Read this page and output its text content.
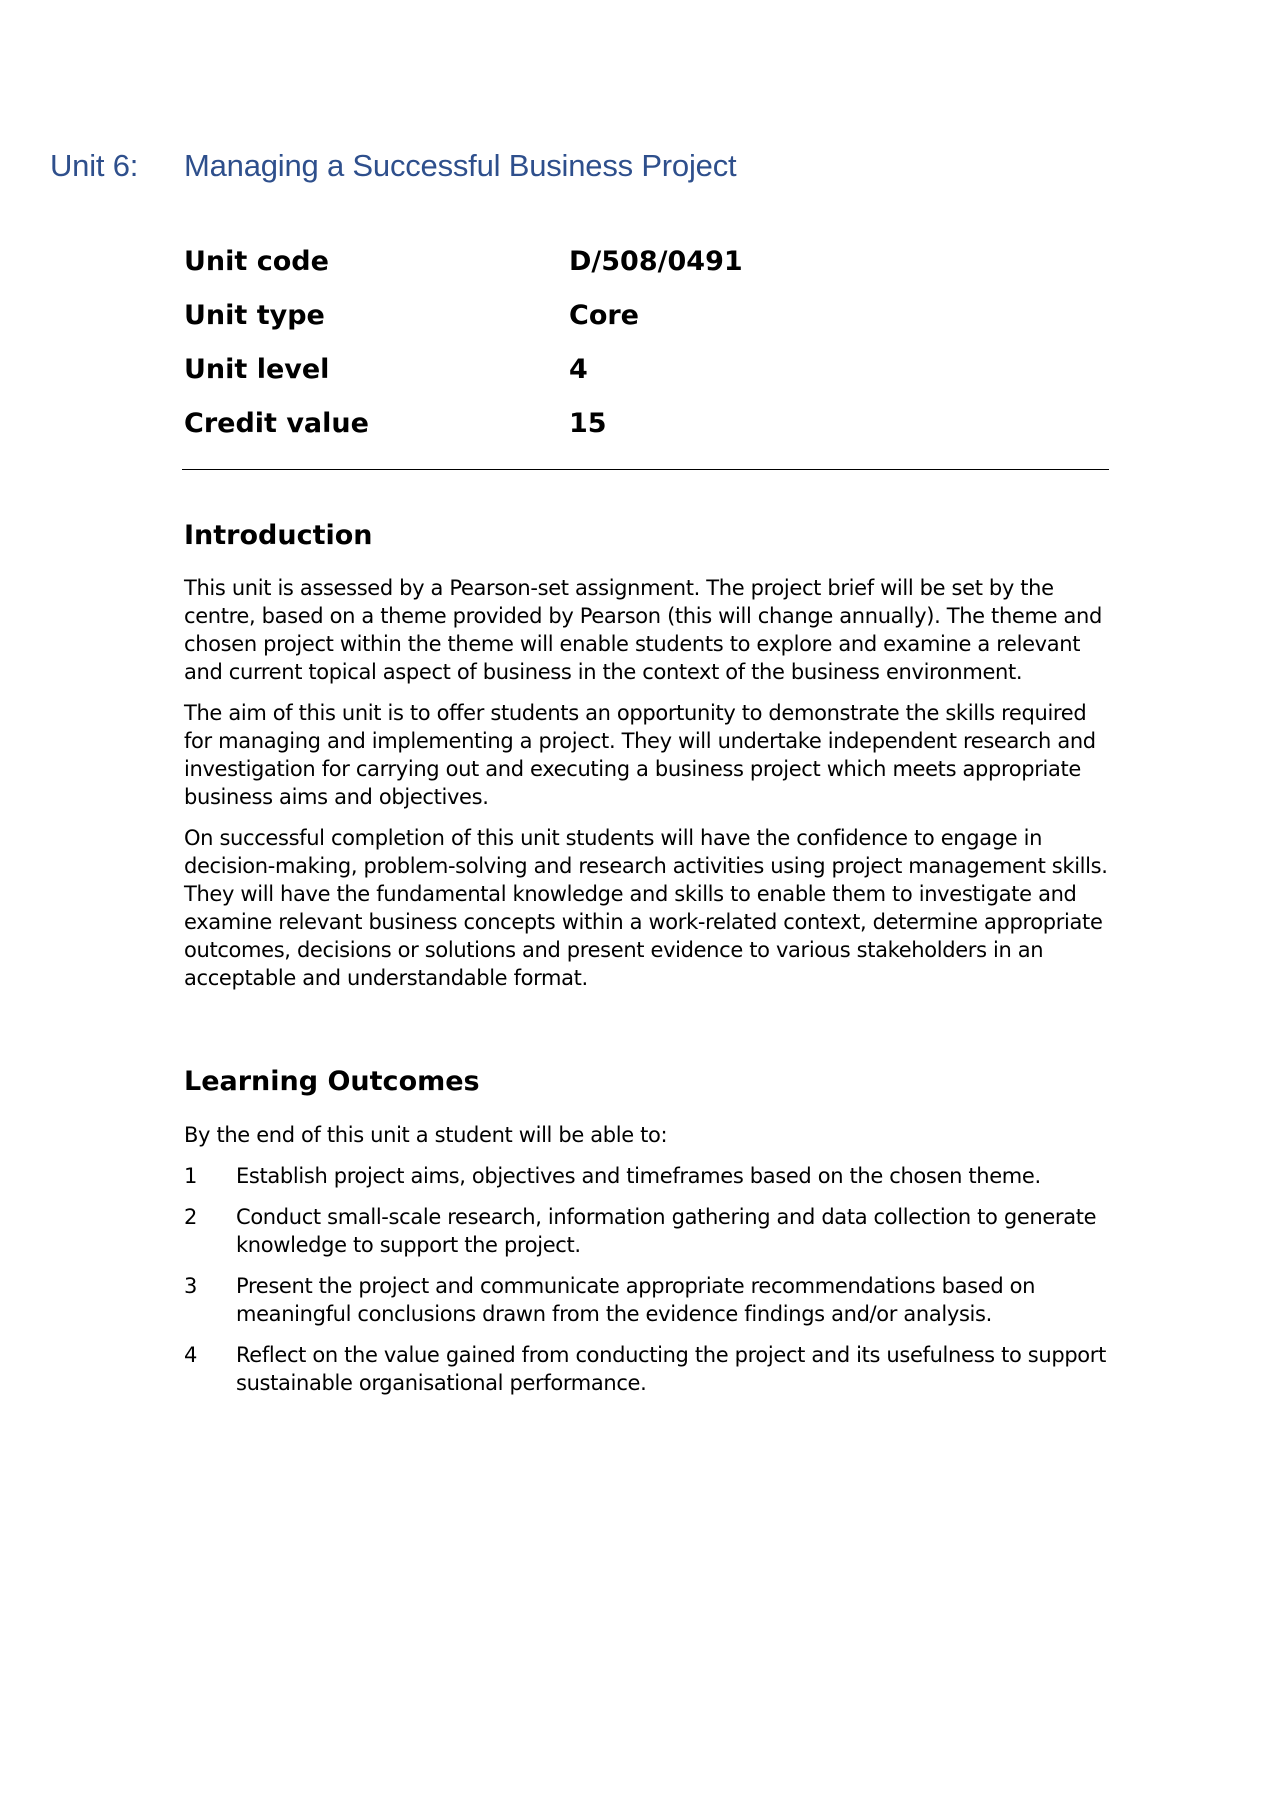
Unit 6: Managing a Successful Business Project
Unit code	D/508/0491
Unit type	Core
Unit level	4
Credit value	15
Introduction

This unit is assessed by a Pearson-set assignment. The project brief will be set by the centre, based on a theme provided by Pearson (this will change annually). The theme and chosen project within the theme will enable students to explore and examine a relevant and current topical aspect of business in the context of the business environment.

The aim of this unit is to offer students an opportunity to demonstrate the skills required for managing and implementing a project. They will undertake independent research and investigation for carrying out and executing a business project which meets appropriate business aims and objectives.

On successful completion of this unit students will have the confidence to engage in decision-making, problem-solving and research activities using project management skills. They will have the fundamental knowledge and skills to enable them to investigate and examine relevant business concepts within a work-related context, determine appropriate outcomes, decisions or solutions and present evidence to various stakeholders in an acceptable and understandable format.

Learning Outcomes
By the end of this unit a student will be able to:
1	Establish project aims, objectives and timeframes based on the chosen theme.
2	Conduct small-scale research, information gathering and data collection to generate knowledge to support the project.
3	Present the project and communicate appropriate recommendations based on meaningful conclusions drawn from the evidence findings and/or analysis.
4	Reflect on the value gained from conducting the project and its usefulness to support sustainable organisational performance.
